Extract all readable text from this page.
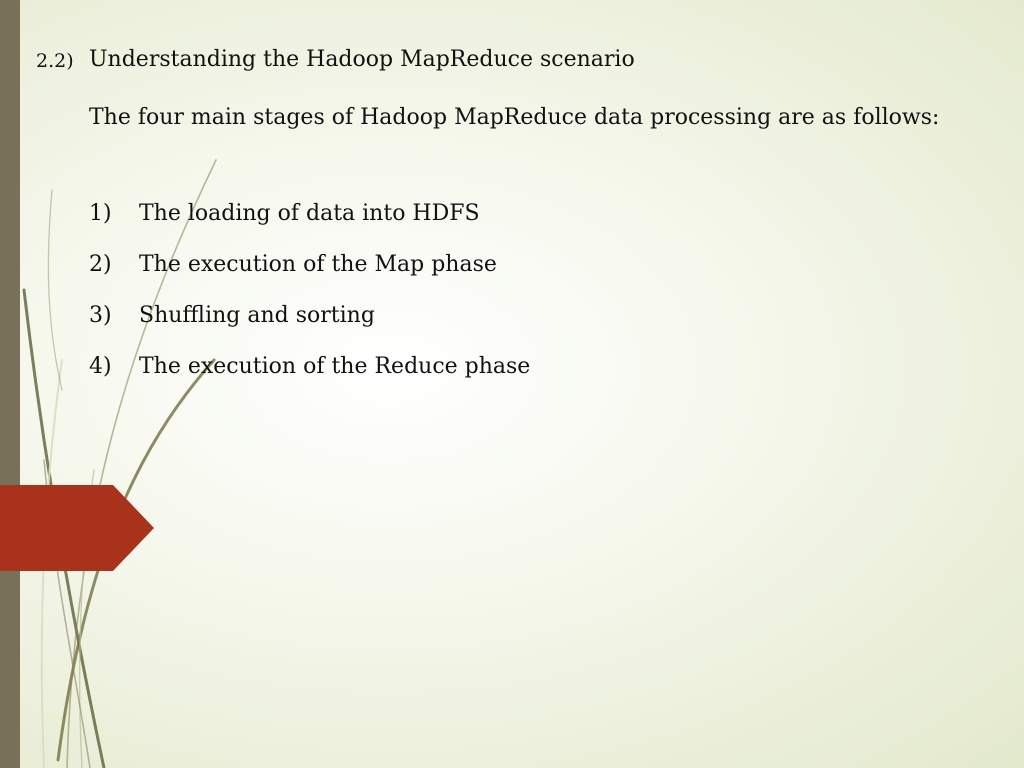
2.2) Understanding the Hadoop MapReduce scenario
The four main stages of Hadoop MapReduce data processing are as follows:
1) The loading of data into HDFS
2) The execution of the Map phase
3) Shuffling and sorting
4) The execution of the Reduce phase
